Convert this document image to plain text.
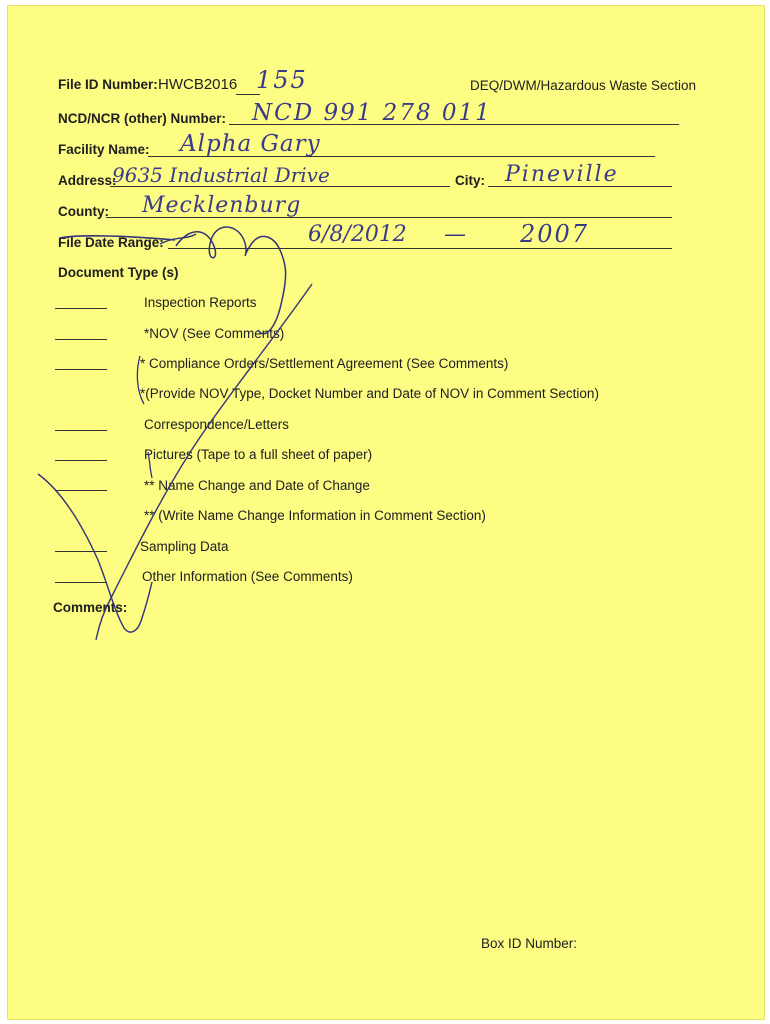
File ID Number: HWCB2016 155	DEQ/DWM/Hazardous Waste Section
NCD/NCR (other) Number: NCD 991 278 011
Facility Name: Alpha Gary
Address:
9635 Industrial Drive	City: Pineville
County: Mecklenburg
File Date Range:	6/8/2012 — 2007
Document Type (s)
Inspection Reports
*NOV (See Comments)
* Compliance Orders/Settlement Agreement (See Comments)
*(Provide NOV Type, Docket Number and Date of NOV in Comment Section)
Correspondence/Letters
Pictures (Tape to a full sheet of paper)
** Name Change and Date of Change
** (Write Name Change Information in Comment Section)
Sampling Data
Other Information (See Comments)
Comments:
Box ID Number:
